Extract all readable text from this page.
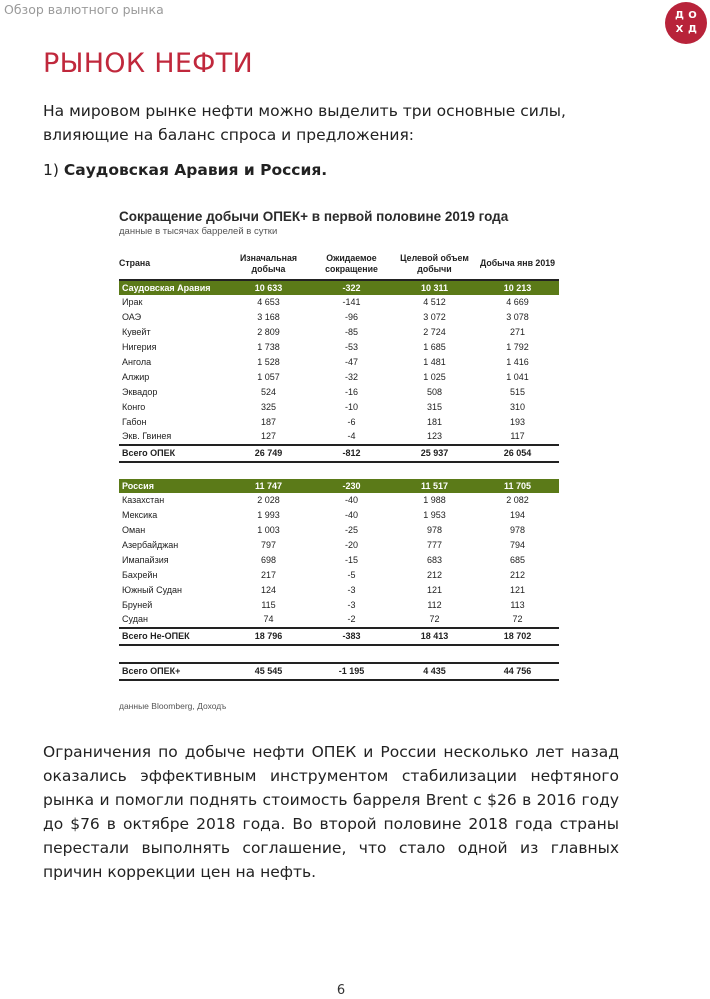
Обзор валютного рынка	Д О
Х Д
РЫНОК НЕФТИ

На мировом рынке нефти можно выделить три основные силы, влияющие на баланс спроса и предложения:

1) Саудовская Аравия и Россия.

Сокращение добычи ОПЕК+ в первой половине 2019 года

данные в тысячах баррелей в сутки

Страна	Изначальная добыча	Ожидаемое сокращение	Целевой объем добычи	Добыча янв 2019
Саудовская Аравия	10 633	-322	10 311	10 213
Ирак	4 653	-141	4 512	4 669
ОАЭ	3 168	-96	3 072	3 078
Кувейт	2 809	-85	2 724	271
Нигерия	1 738	-53	1 685	1 792
Ангола	1 528	-47	1 481	1 416
Алжир	1 057	-32	1 025	1 041
Эквадор	524	-16	508	515
Конго	325	-10	315	310
Габон	187	-6	181	193
Экв. Гвинея	127	-4	123	117
Всего ОПЕК	26 749	-812	25 937	26 054
Россия	11 747	-230	11 517	11 705
Казахстан	2 028	-40	1 988	2 082
Мексика	1 993	-40	1 953	194
Оман	1 003	-25	978	978
Азербайджан	797	-20	777	794
Имапайзия	698	-15	683	685
Бахрейн	217	-5	212	212
Южный Судан	124	-3	121	121
Бруней	115	-3	112	113
Судан	74	-2	72	72
Всего Не-ОПЕК	18 796	-383	18 413	18 702
Всего ОПЕК+	45 545	-1 195	4 435	44 756

данные Bloomberg, Доходъ

Ограничения по добыче нефти ОПЕК и России несколько лет назад оказались эффективным инструментом стабилизации нефтяного рынка и помогли поднять стоимость барреля Brent с $26 в 2016 году до $76 в октябре 2018 года. Во второй половине 2018 года страны перестали выполнять соглашение, что стало одной из главных причин коррекции цен на нефть.

6
